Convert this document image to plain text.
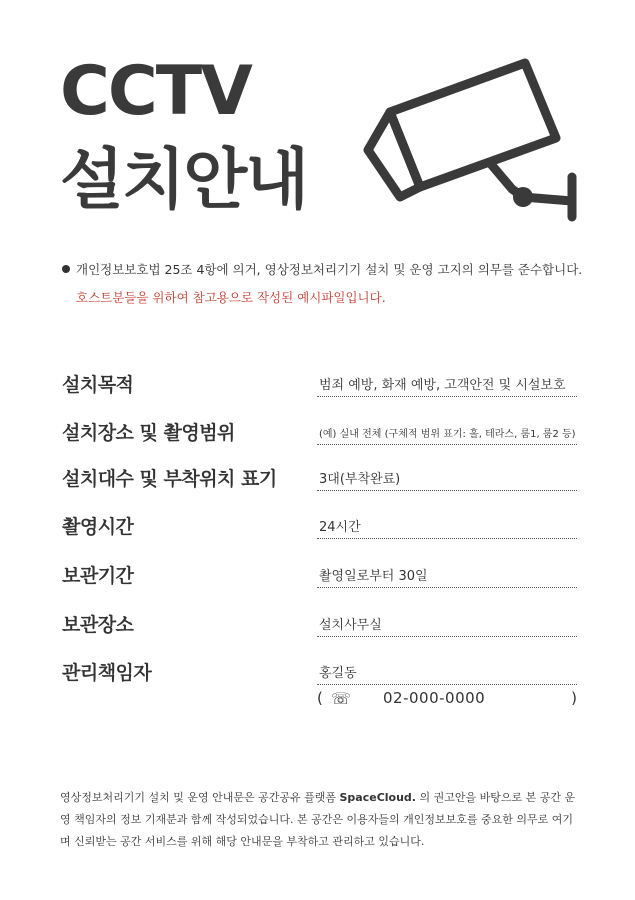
CCTV
설치안내
개인정보보호법 25조 4항에 의거, 영상정보처리기기 설치 및 운영 고지의 의무를 준수합니다.
호스트분들을 위하여 참고용으로 작성된 예시파일입니다.
설치목적	범죄 예방, 화재 예방, 고객안전 및 시설보호
설치장소 및 촬영범위	(예) 실내 전체 (구체적 범위 표기: 홀, 테라스, 룸1, 룸2 등)
설치대수 및 부착위치 표기	3대(부착완료)
촬영시간	24시간
보관기간	촬영일로부터 30일
보관장소	설치사무실
관리책임자	홍길동
( ☏ 02-000-0000	)

영상정보처리기기 설치 및 운영 안내문은 공간공유 플랫폼 SpaceCloud. 의 권고안을 바탕으로 본 공간 운영 책임자의 정보 기재분과 함께 작성되었습니다. 본 공간은 이용자들의 개인정보보호를 중요한 의무로 여기며 신뢰받는 공간 서비스를 위해 해당 안내문을 부착하고 관리하고 있습니다.
